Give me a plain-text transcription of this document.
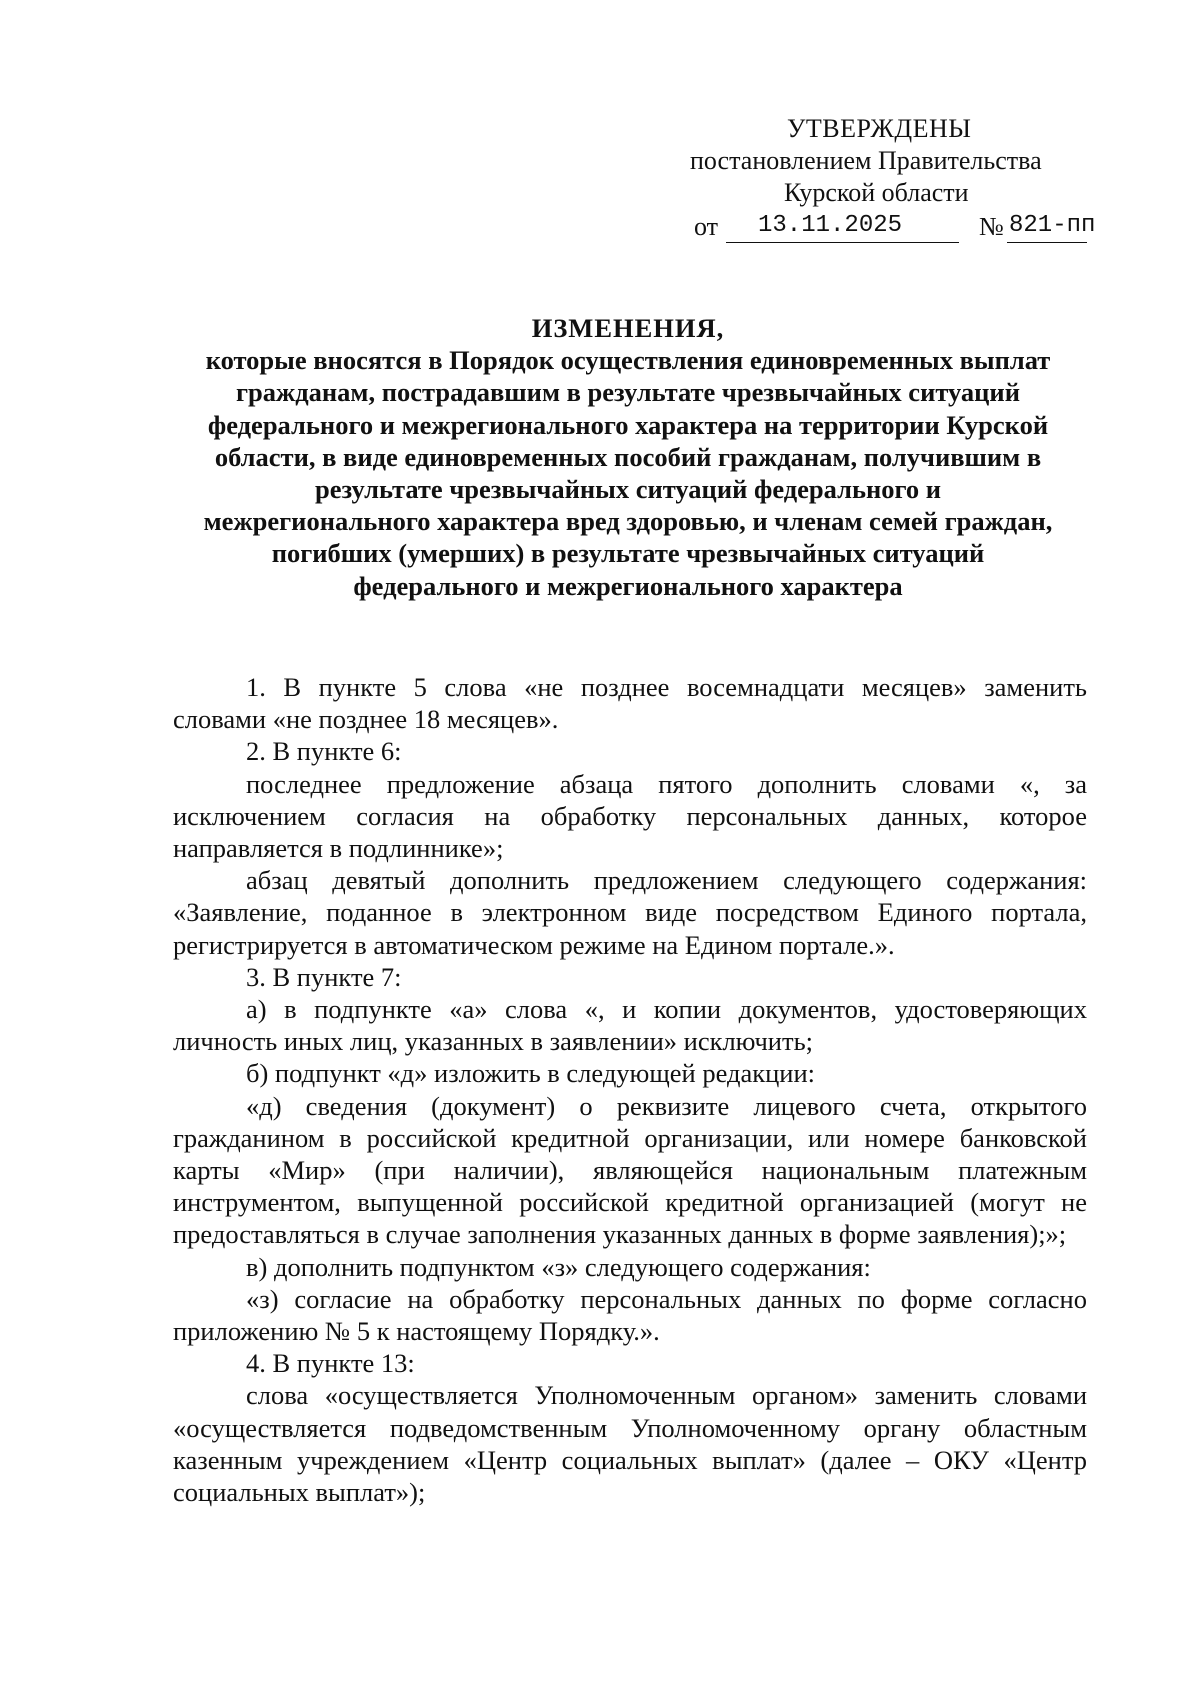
УТВЕРЖДЕНЫ
постановлением Правительства
Курской области
от 13.11.2025	№ 821-пп
ИЗМЕНЕНИЯ,
которые вносятся в Порядок осуществления единовременных выплат
гражданам, пострадавшим в результате чрезвычайных ситуаций
федерального и межрегионального характера на территории Курской
области, в виде единовременных пособий гражданам, получившим в
результате чрезвычайных ситуаций федерального и
межрегионального характера вред здоровью, и членам семей граждан,
погибших (умерших) в результате чрезвычайных ситуаций
федерального и межрегионального характера

1. В пункте 5 слова «не позднее восемнадцати месяцев» заменить словами «не позднее 18 месяцев».

2. В пункте 6:

последнее предложение абзаца пятого дополнить словами «, за исключением согласия на обработку персональных данных, которое направляется в подлиннике»;

абзац девятый дополнить предложением следующего содержания: «Заявление, поданное в электронном виде посредством Единого портала, регистрируется в автоматическом режиме на Едином портале.».

3. В пункте 7:

а) в подпункте «а» слова «, и копии документов, удостоверяющих личность иных лиц, указанных в заявлении» исключить;

б) подпункт «д» изложить в следующей редакции:

«д) сведения (документ) о реквизите лицевого счета, открытого гражданином в российской кредитной организации, или номере банковской карты «Мир» (при наличии), являющейся национальным платежным инструментом, выпущенной российской кредитной организацией (могут не предоставляться в случае заполнения указанных данных в форме заявления);»;

в) дополнить подпунктом «з» следующего содержания:

«з) согласие на обработку персональных данных по форме согласно приложению № 5 к настоящему Порядку.».

4. В пункте 13:

слова «осуществляется Уполномоченным органом» заменить словами «осуществляется подведомственным Уполномоченному органу областным казенным учреждением «Центр социальных выплат» (далее – ОКУ «Центр социальных выплат»);
